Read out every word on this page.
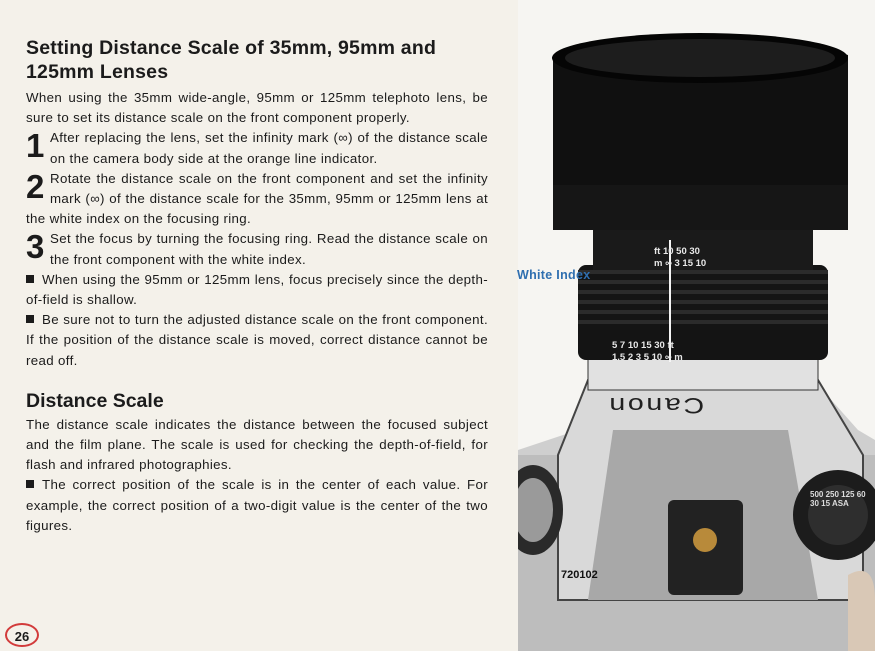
Setting Distance Scale of 35mm, 95mm and
125mm Lenses

When using the 35mm wide-angle, 95mm or 125mm telephoto lens, be sure to set its distance scale on the front component properly.

1 After replacing the lens, set the infinity mark (∞) of the distance scale on the camera body side at the orange line indicator.
2 Rotate the distance scale on the front component and set the infinity mark (∞) of the distance scale for the 35mm, 95mm or 125mm lens at the white index on the focusing ring.
3 Set the focus by turning the focusing ring. Read the distance scale on the front component with the white index.

When using the 95mm or 125mm lens, focus precisely since the depth-of-field is shallow.

Be sure not to turn the adjusted distance scale on the front component. If the position of the distance scale is moved, correct distance cannot be read off.

Distance Scale

The distance scale indicates the distance between the focused subject and the film plane. The scale is used for checking the depth-of-field, for flash and infrared photographies.

The correct position of the scale is in the center of each value. For example, the correct position of a two-digit value is the center of the two figures.

26
ft 10 50 30
m ∞ 3 15 10
5 7 10 15 30 ft
1.5 2 3 5 10 ∞ m
White Index
Canon
720102
500 250 125 60 30 15 ASA
